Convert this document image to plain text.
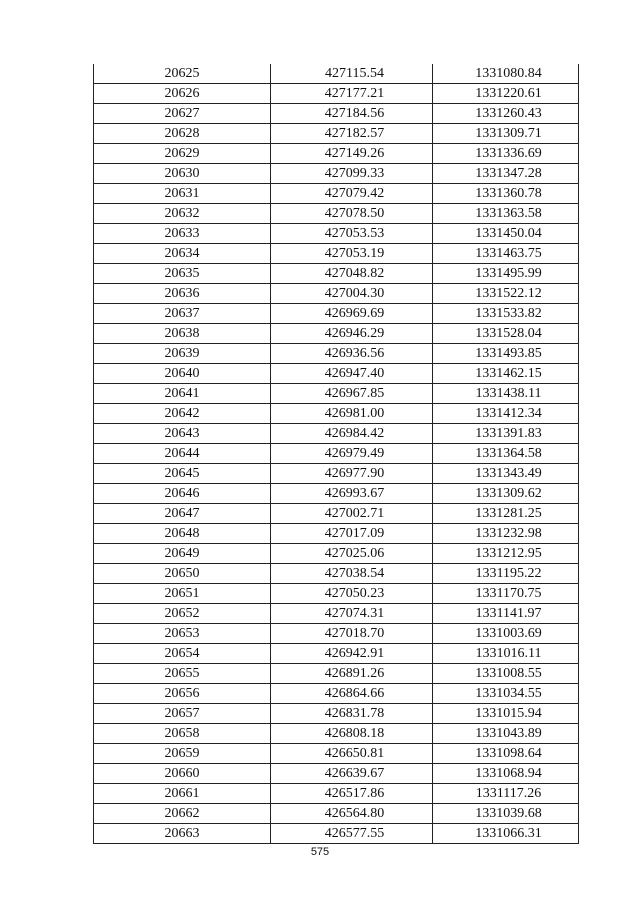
20625	427115.54	1331080.84
20626	427177.21	1331220.61
20627	427184.56	1331260.43
20628	427182.57	1331309.71
20629	427149.26	1331336.69
20630	427099.33	1331347.28
20631	427079.42	1331360.78
20632	427078.50	1331363.58
20633	427053.53	1331450.04
20634	427053.19	1331463.75
20635	427048.82	1331495.99
20636	427004.30	1331522.12
20637	426969.69	1331533.82
20638	426946.29	1331528.04
20639	426936.56	1331493.85
20640	426947.40	1331462.15
20641	426967.85	1331438.11
20642	426981.00	1331412.34
20643	426984.42	1331391.83
20644	426979.49	1331364.58
20645	426977.90	1331343.49
20646	426993.67	1331309.62
20647	427002.71	1331281.25
20648	427017.09	1331232.98
20649	427025.06	1331212.95
20650	427038.54	1331195.22
20651	427050.23	1331170.75
20652	427074.31	1331141.97
20653	427018.70	1331003.69
20654	426942.91	1331016.11
20655	426891.26	1331008.55
20656	426864.66	1331034.55
20657	426831.78	1331015.94
20658	426808.18	1331043.89
20659	426650.81	1331098.64
20660	426639.67	1331068.94
20661	426517.86	1331117.26
20662	426564.80	1331039.68
20663	426577.55	1331066.31
575
